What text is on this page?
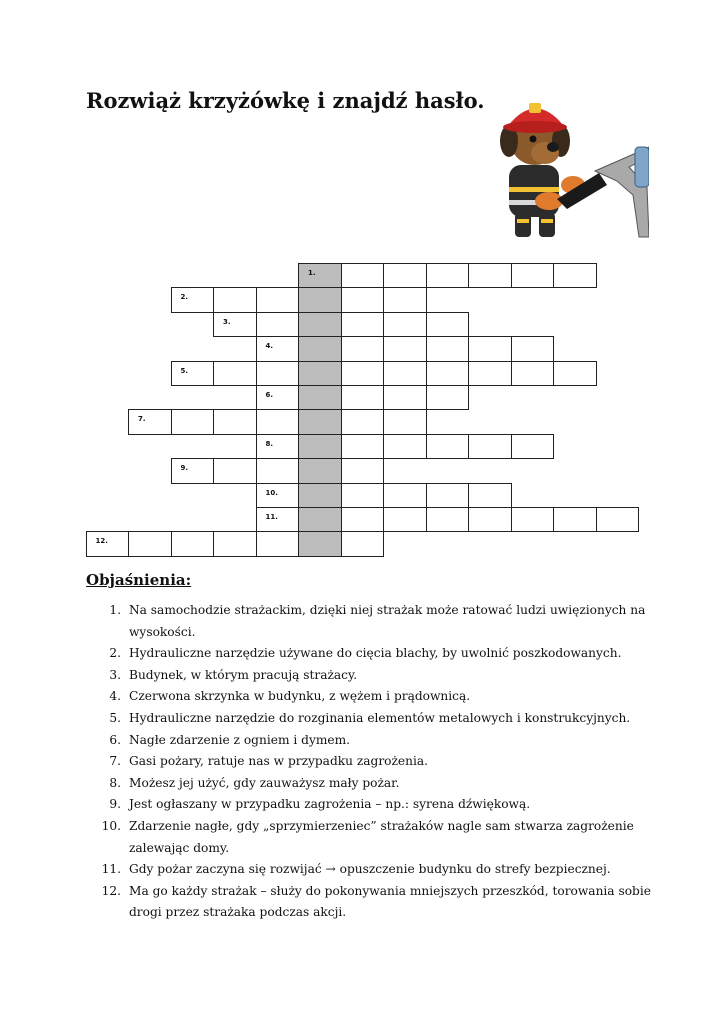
Rozwiąż krzyżówkę i znajdź hasło.
1.
2.
3.
4.
5.
6.
7.
8.
9.
10.
11.
12.
Objaśnienia:
1. Na samochodzie strażackim, dzięki niej strażak może ratować ludzi uwięzionych na wysokości.
2. Hydrauliczne narzędzie używane do cięcia blachy, by uwolnić poszkodowanych.
3. Budynek, w którym pracują strażacy.
4. Czerwona skrzynka w budynku, z wężem i prądownicą.
5. Hydrauliczne narzędzie do rozginania elementów metalowych i konstrukcyjnych.
6. Nagłe zdarzenie z ogniem i dymem.
7. Gasi pożary, ratuje nas w przypadku zagrożenia.
8. Możesz jej użyć, gdy zauważysz mały pożar.
9. Jest ogłaszany w przypadku zagrożenia – np.: syrena dźwiękową.
10. Zdarzenie nagłe, gdy „sprzymierzeniec” strażaków nagle sam stwarza zagrożenie zalewając domy.
11. Gdy pożar zaczyna się rozwijać → opuszczenie budynku do strefy bezpiecznej.
12. Ma go każdy strażak – służy do pokonywania mniejszych przeszkód, torowania sobie drogi przez strażaka podczas akcji.
